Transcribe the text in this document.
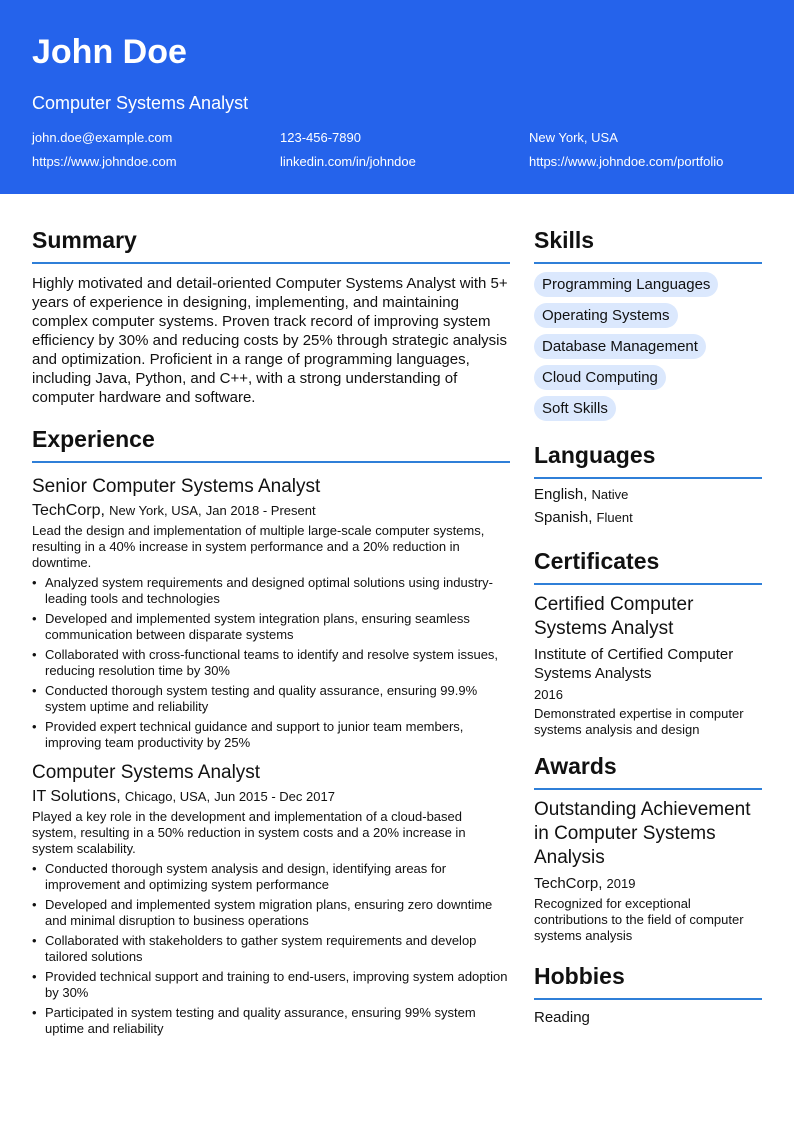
John Doe
Computer Systems Analyst
john.doe@example.com	123-456-7890	New York, USA
https://www.johndoe.com	linkedin.com/in/johndoe	https://www.johndoe.com/portfolio
Summary
Highly motivated and detail-oriented Computer Systems Analyst with 5+ years of experience in designing, implementing, and maintaining complex computer systems. Proven track record of improving system efficiency by 30% and reducing costs by 25% through strategic analysis and optimization. Proficient in a range of programming languages, including Java, Python, and C++, with a strong understanding of computer hardware and software.
Experience
Senior Computer Systems Analyst
TechCorp, New York, USA, Jan 2018 - Present
Lead the design and implementation of multiple large-scale computer systems, resulting in a 40% increase in system performance and a 20% reduction in downtime.
• Analyzed system requirements and designed optimal solutions using industry-leading tools and technologies
• Developed and implemented system integration plans, ensuring seamless communication between disparate systems
• Collaborated with cross-functional teams to identify and resolve system issues, reducing resolution time by 30%
• Conducted thorough system testing and quality assurance, ensuring 99.9% system uptime and reliability
• Provided expert technical guidance and support to junior team members, improving team productivity by 25%
Computer Systems Analyst
IT Solutions, Chicago, USA, Jun 2015 - Dec 2017
Played a key role in the development and implementation of a cloud-based system, resulting in a 50% reduction in system costs and a 20% increase in system scalability.
• Conducted thorough system analysis and design, identifying areas for improvement and optimizing system performance
• Developed and implemented system migration plans, ensuring zero downtime and minimal disruption to business operations
• Collaborated with stakeholders to gather system requirements and develop tailored solutions
• Provided technical support and training to end-users, improving system adoption by 30%
• Participated in system testing and quality assurance, ensuring 99% system uptime and reliability
Skills
Programming Languages
Operating Systems
Database Management
Cloud Computing
Soft Skills
Languages
English, Native
Spanish, Fluent
Certificates
Certified Computer Systems Analyst
Institute of Certified Computer Systems Analysts
2016
Demonstrated expertise in computer systems analysis and design
Awards
Outstanding Achievement in Computer Systems Analysis
TechCorp, 2019
Recognized for exceptional contributions to the field of computer systems analysis
Hobbies
Reading
